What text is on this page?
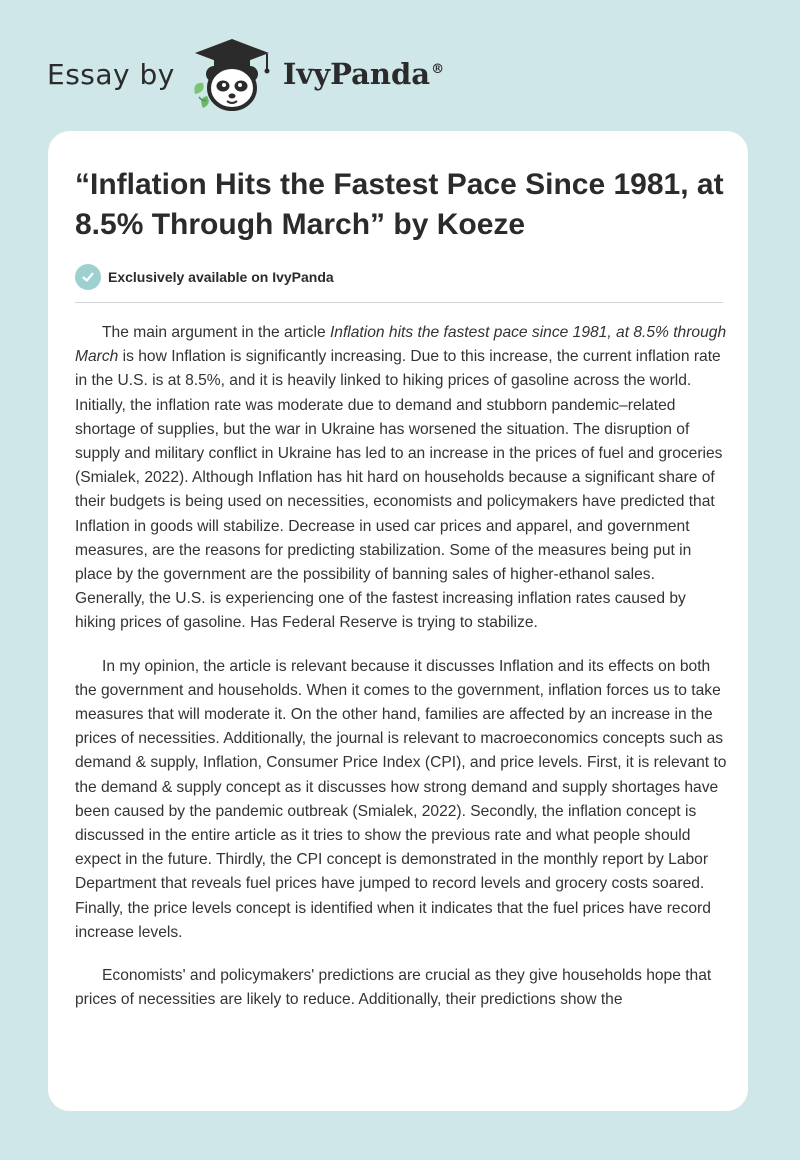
Essay by	IvyPanda®
“Inflation Hits the Fastest Pace Since 1981, at 8.5% Through March” by Koeze
Exclusively available on IvyPanda

The main argument in the article Inflation hits the fastest pace since 1981, at 8.5% through March is how Inflation is significantly increasing. Due to this increase, the current inflation rate in the U.S. is at 8.5%, and it is heavily linked to hiking prices of gasoline across the world. Initially, the inflation rate was moderate due to demand and stubborn pandemic–related shortage of supplies, but the war in Ukraine has worsened the situation. The disruption of supply and military conflict in Ukraine has led to an increase in the prices of fuel and groceries (Smialek, 2022). Although Inflation has hit hard on households because a significant share of their budgets is being used on necessities, economists and policymakers have predicted that Inflation in goods will stabilize. Decrease in used car prices and apparel, and government measures, are the reasons for predicting stabilization. Some of the measures being put in place by the government are the possibility of banning sales of higher-ethanol sales. Generally, the U.S. is experiencing one of the fastest increasing inflation rates caused by hiking prices of gasoline. Has Federal Reserve is trying to stabilize.

In my opinion, the article is relevant because it discusses Inflation and its effects on both the government and households. When it comes to the government, inflation forces us to take measures that will moderate it. On the other hand, families are affected by an increase in the prices of necessities. Additionally, the journal is relevant to macroeconomics concepts such as demand & supply, Inflation, Consumer Price Index (CPI), and price levels. First, it is relevant to the demand & supply concept as it discusses how strong demand and supply shortages have been caused by the pandemic outbreak (Smialek, 2022). Secondly, the inflation concept is discussed in the entire article as it tries to show the previous rate and what people should expect in the future. Thirdly, the CPI concept is demonstrated in the monthly report by Labor Department that reveals fuel prices have jumped to record levels and grocery costs soared. Finally, the price levels concept is identified when it indicates that the fuel prices have record increase levels.

Economists' and policymakers' predictions are crucial as they give households hope that prices of necessities are likely to reduce. Additionally, their predictions show the
